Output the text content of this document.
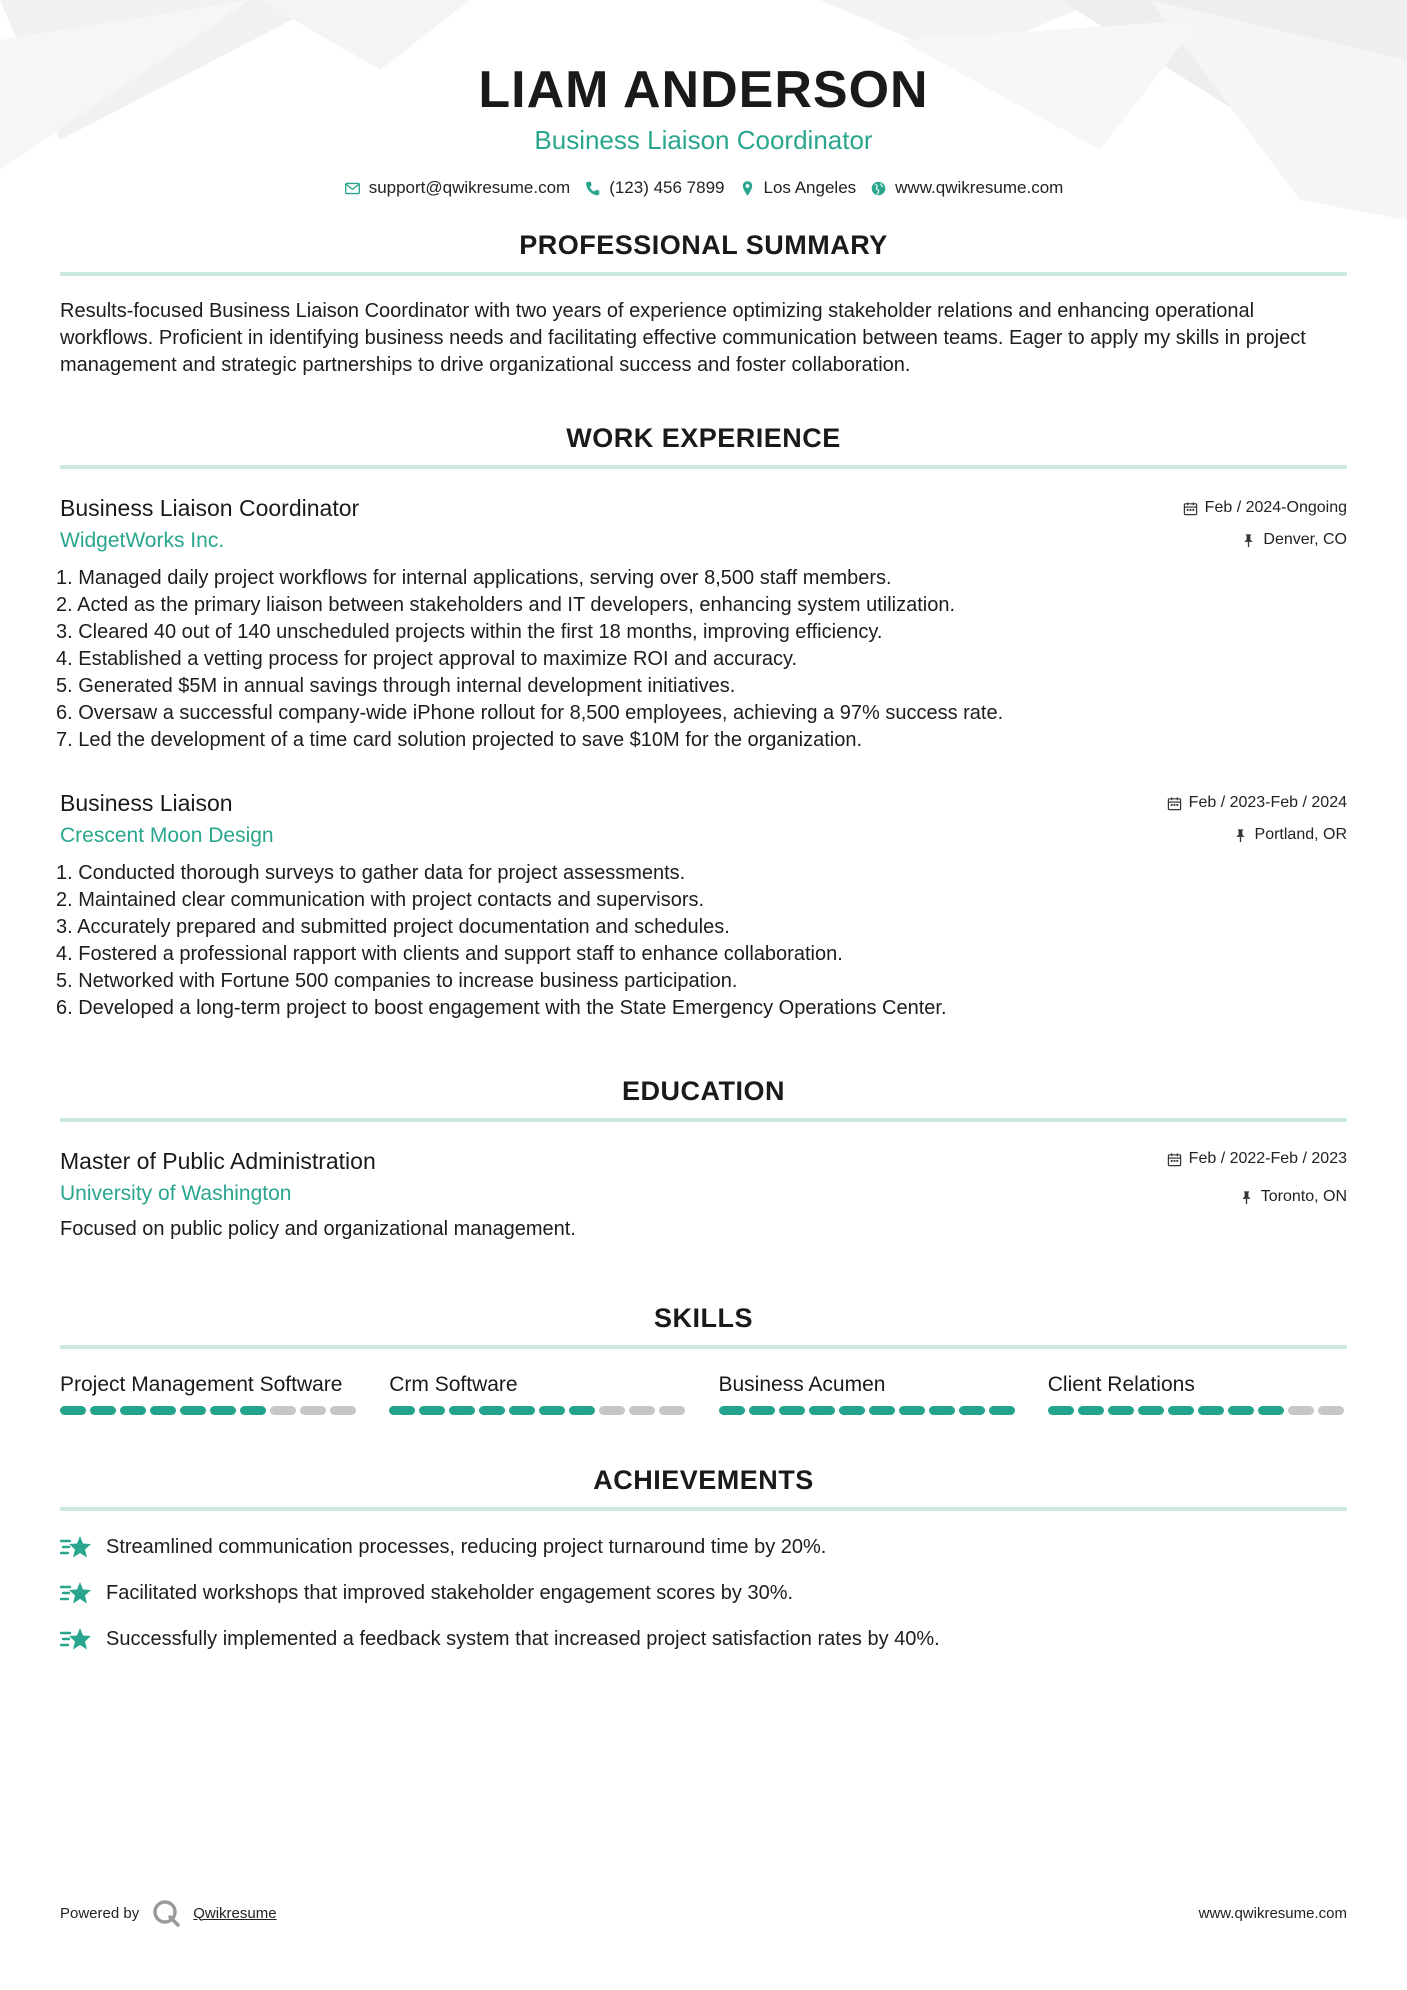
LIAM ANDERSON
Business Liaison Coordinator
support@qwikresume.com (123) 456 7899 Los Angeles www.qwikresume.com
PROFESSIONAL SUMMARY

Results-focused Business Liaison Coordinator with two years of experience optimizing stakeholder relations and enhancing operational workflows. Proficient in identifying business needs and facilitating effective communication between teams. Eager to apply my skills in project management and strategic partnerships to drive organizational success and foster collaboration.

WORK EXPERIENCE
Business Liaison Coordinator
WidgetWorks Inc.
Feb / 2024-Ongoing
Denver, CO
1. Managed daily project workflows for internal applications, serving over 8,500 staff members.
2. Acted as the primary liaison between stakeholders and IT developers, enhancing system utilization.
3. Cleared 40 out of 140 unscheduled projects within the first 18 months, improving efficiency.
4. Established a vetting process for project approval to maximize ROI and accuracy.
5. Generated $5M in annual savings through internal development initiatives.
6. Oversaw a successful company-wide iPhone rollout for 8,500 employees, achieving a 97% success rate.
7. Led the development of a time card solution projected to save $10M for the organization.
Business Liaison
Crescent Moon Design
Feb / 2023-Feb / 2024
Portland, OR
1. Conducted thorough surveys to gather data for project assessments.
2. Maintained clear communication with project contacts and supervisors.
3. Accurately prepared and submitted project documentation and schedules.
4. Fostered a professional rapport with clients and support staff to enhance collaboration.
5. Networked with Fortune 500 companies to increase business participation.
6. Developed a long-term project to boost engagement with the State Emergency Operations Center.
EDUCATION
Master of Public Administration
University of Washington
Feb / 2022-Feb / 2023
Toronto, ON
Focused on public policy and organizational management.
SKILLS
Project Management Software	Crm Software	Business Acumen	Client Relations
ACHIEVEMENTS
Streamlined communication processes, reducing project turnaround time by 20%.
Facilitated workshops that improved stakeholder engagement scores by 30%.
Successfully implemented a feedback system that increased project satisfaction rates by 40%.
Powered by	Qwikresume	www.qwikresume.com
